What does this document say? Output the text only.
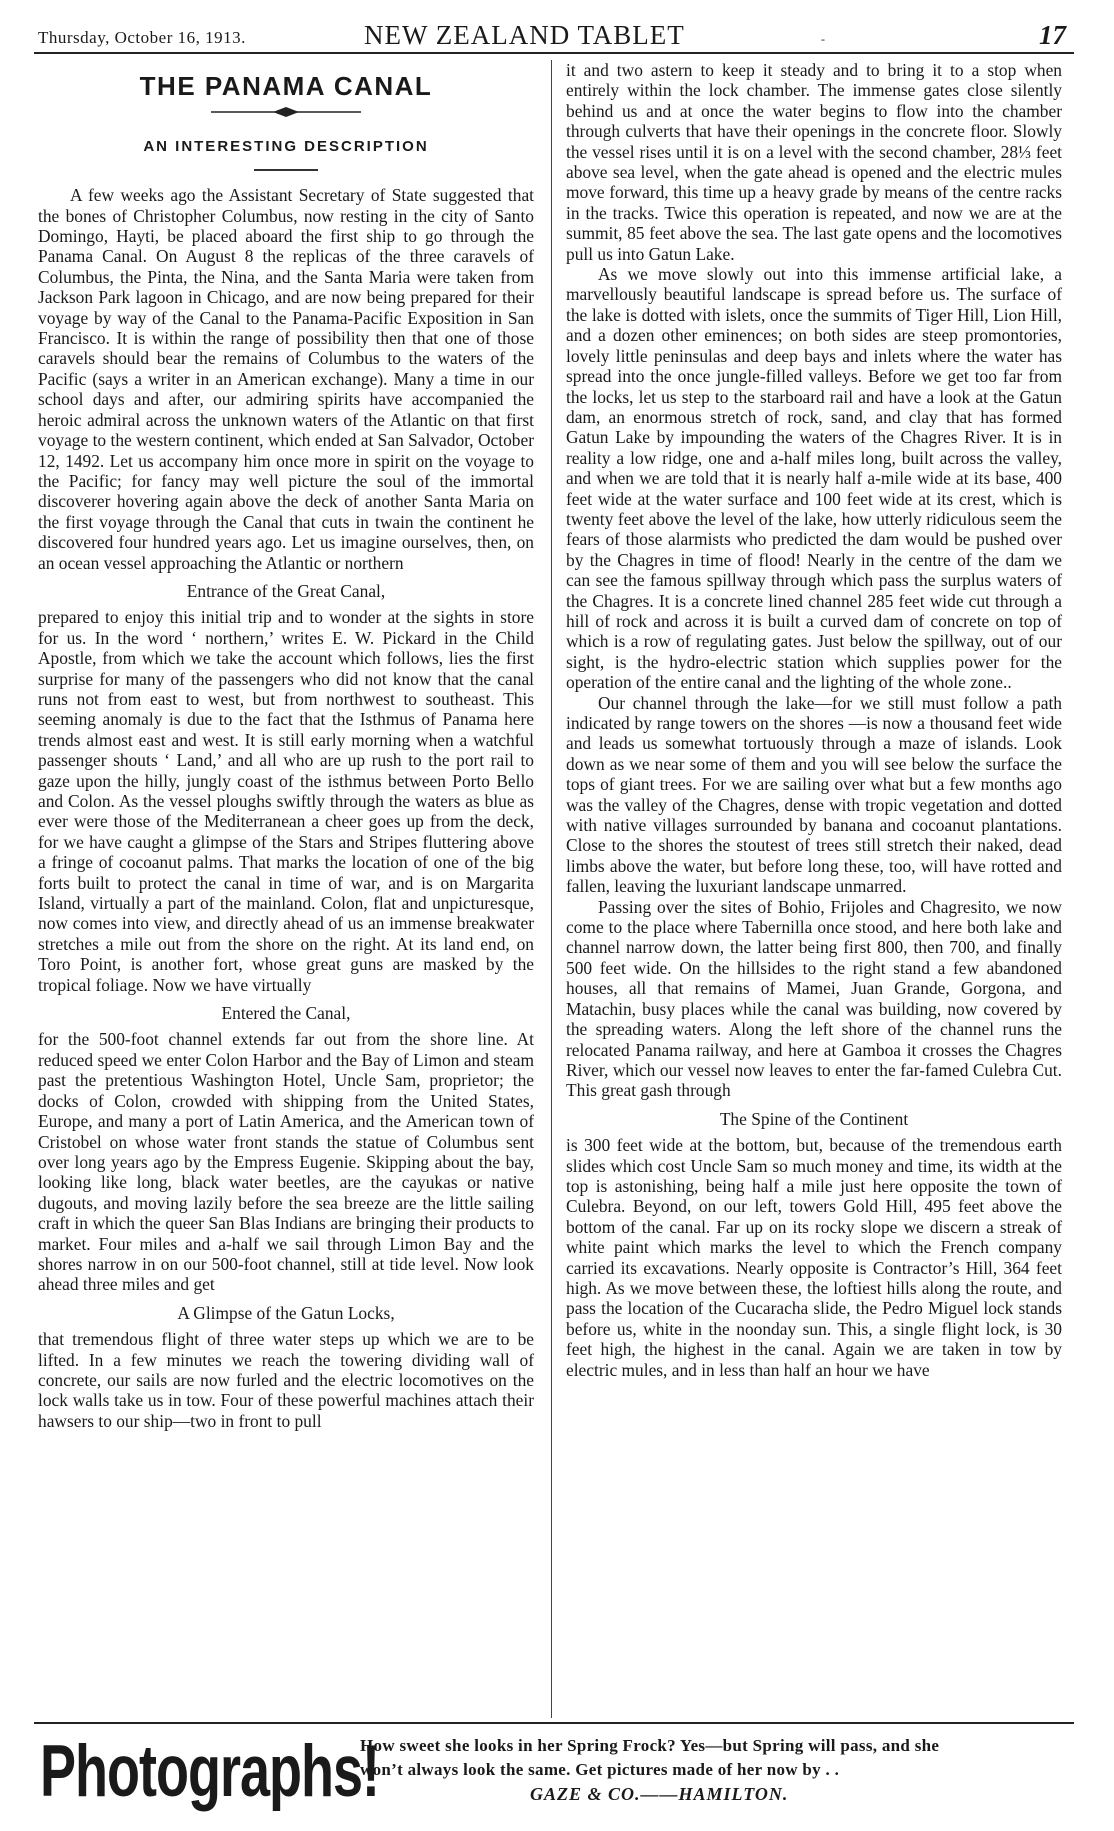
Thursday, October 16, 1913.	NEW ZEALAND TABLET	-	17
THE PANAMA CANAL
AN INTERESTING DESCRIPTION

A few weeks ago the Assistant Secretary of State suggested that the bones of Christopher Columbus, now resting in the city of Santo Domingo, Hayti, be placed aboard the first ship to go through the Panama Canal. On August 8 the replicas of the three caravels of Columbus, the Pinta, the Nina, and the Santa Maria were taken from Jackson Park lagoon in Chicago, and are now being prepared for their voyage by way of the Canal to the Panama-Pacific Exposition in San Francisco. It is within the range of possibility then that one of those caravels should bear the remains of Columbus to the waters of the Pacific (says a writer in an American exchange). Many a time in our school days and after, our admiring spirits have accompanied the heroic admiral across the unknown waters of the Atlantic on that first voyage to the western continent, which ended at San Salvador, October 12, 1492. Let us accompany him once more in spirit on the voyage to the Pacific; for fancy may well picture the soul of the immortal discoverer hovering again above the deck of another Santa Maria on the first voyage through the Canal that cuts in twain the continent he discovered four hundred years ago. Let us imagine ourselves, then, on an ocean vessel approaching the Atlantic or northern

Entrance of the Great Canal,

prepared to enjoy this initial trip and to wonder at the sights in store for us. In the word ‘ northern,’ writes E. W. Pickard in the Child Apostle, from which we take the account which follows, lies the first surprise for many of the passengers who did not know that the canal runs not from east to west, but from northwest to southeast. This seeming anomaly is due to the fact that the Isthmus of Panama here trends almost east and west. It is still early morning when a watchful passenger shouts ‘ Land,’ and all who are up rush to the port rail to gaze upon the hilly, jungly coast of the isthmus between Porto Bello and Colon. As the vessel ploughs swiftly through the waters as blue as ever were those of the Mediterranean a cheer goes up from the deck, for we have caught a glimpse of the Stars and Stripes fluttering above a fringe of cocoanut palms. That marks the location of one of the big forts built to protect the canal in time of war, and is on Margarita Island, virtually a part of the mainland. Colon, flat and unpicturesque, now comes into view, and directly ahead of us an immense breakwater stretches a mile out from the shore on the right. At its land end, on Toro Point, is another fort, whose great guns are masked by the tropical foliage. Now we have virtually

Entered the Canal,

for the 500-foot channel extends far out from the shore line. At reduced speed we enter Colon Harbor and the Bay of Limon and steam past the pretentious Washington Hotel, Uncle Sam, proprietor; the docks of Colon, crowded with shipping from the United States, Europe, and many a port of Latin America, and the American town of Cristobel on whose water front stands the statue of Columbus sent over long years ago by the Empress Eugenie. Skipping about the bay, looking like long, black water beetles, are the cayukas or native dugouts, and moving lazily before the sea breeze are the little sailing craft in which the queer San Blas Indians are bringing their products to market. Four miles and a-half we sail through Limon Bay and the shores narrow in on our 500-foot channel, still at tide level. Now look ahead three miles and get

A Glimpse of the Gatun Locks,

that tremendous flight of three water steps up which we are to be lifted. In a few minutes we reach the towering dividing wall of concrete, our sails are now furled and the electric locomotives on the lock walls take us in tow. Four of these powerful machines attach their hawsers to our ship—two in front to pull

it and two astern to keep it steady and to bring it to a stop when entirely within the lock chamber. The immense gates close silently behind us and at once the water begins to flow into the chamber through culverts that have their openings in the concrete floor. Slowly the vessel rises until it is on a level with the second chamber, 28⅓ feet above sea level, when the gate ahead is opened and the electric mules move forward, this time up a heavy grade by means of the centre racks in the tracks. Twice this operation is repeated, and now we are at the summit, 85 feet above the sea. The last gate opens and the locomotives pull us into Gatun Lake.

As we move slowly out into this immense artificial lake, a marvellously beautiful landscape is spread before us. The surface of the lake is dotted with islets, once the summits of Tiger Hill, Lion Hill, and a dozen other eminences; on both sides are steep promontories, lovely little peninsulas and deep bays and inlets where the water has spread into the once jungle-filled valleys. Before we get too far from the locks, let us step to the starboard rail and have a look at the Gatun dam, an enormous stretch of rock, sand, and clay that has formed Gatun Lake by impounding the waters of the Chagres River. It is in reality a low ridge, one and a-half miles long, built across the valley, and when we are told that it is nearly half a-mile wide at its base, 400 feet wide at the water surface and 100 feet wide at its crest, which is twenty feet above the level of the lake, how utterly ridiculous seem the fears of those alarmists who predicted the dam would be pushed over by the Chagres in time of flood! Nearly in the centre of the dam we can see the famous spillway through which pass the surplus waters of the Chagres. It is a concrete lined channel 285 feet wide cut through a hill of rock and across it is built a curved dam of concrete on top of which is a row of regulating gates. Just below the spillway, out of our sight, is the hydro-electric station which supplies power for the operation of the entire canal and the lighting of the whole zone..

Our channel through the lake—for we still must follow a path indicated by range towers on the shores —is now a thousand feet wide and leads us somewhat tortuously through a maze of islands. Look down as we near some of them and you will see below the surface the tops of giant trees. For we are sailing over what but a few months ago was the valley of the Chagres, dense with tropic vegetation and dotted with native villages surrounded by banana and cocoanut plantations. Close to the shores the stoutest of trees still stretch their naked, dead limbs above the water, but before long these, too, will have rotted and fallen, leaving the luxuriant landscape unmarred.

Passing over the sites of Bohio, Frijoles and Chagresito, we now come to the place where Tabernilla once stood, and here both lake and channel narrow down, the latter being first 800, then 700, and finally 500 feet wide. On the hillsides to the right stand a few abandoned houses, all that remains of Mamei, Juan Grande, Gorgona, and Matachin, busy places while the canal was building, now covered by the spreading waters. Along the left shore of the channel runs the relocated Panama railway, and here at Gamboa it crosses the Chagres River, which our vessel now leaves to enter the far-famed Culebra Cut. This great gash through

The Spine of the Continent

is 300 feet wide at the bottom, but, because of the tremendous earth slides which cost Uncle Sam so much money and time, its width at the top is astonishing, being half a mile just here opposite the town of Culebra. Beyond, on our left, towers Gold Hill, 495 feet above the bottom of the canal. Far up on its rocky slope we discern a streak of white paint which marks the level to which the French company carried its excavations. Nearly opposite is Contractor’s Hill, 364 feet high. As we move between these, the loftiest hills along the route, and pass the location of the Cucaracha slide, the Pedro Miguel lock stands before us, white in the noonday sun. This, a single flight lock, is 30 feet high, the highest in the canal. Again we are taken in tow by electric mules, and in less than half an hour we have

Photographs!
How sweet she looks in her Spring Frock? Yes—but Spring will pass, and she
won’t always look the same. Get pictures made of her now by . .
GAZE & CO.——HAMILTON.
